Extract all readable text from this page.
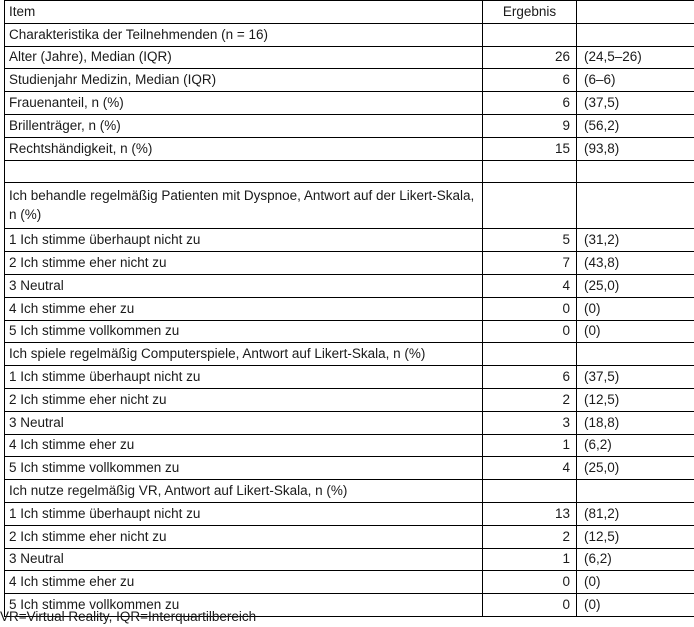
Item	Ergebnis	
Charakteristika der Teilnehmenden (n = 16)		
Alter (Jahre), Median (IQR)	26	(24,5–26)
Studienjahr Medizin, Median (IQR)	6	(6–6)
Frauenanteil, n (%)	6	(37,5)
Brillenträger, n (%)	9	(56,2)
Rechtshändigkeit, n (%)	15	(93,8)

Ich behandle regelmäßig Patienten mit Dyspnoe, Antwort auf der Likert-Skala, n (%)		
1 Ich stimme überhaupt nicht zu	5	(31,2)
2 Ich stimme eher nicht zu	7	(43,8)
3 Neutral	4	(25,0)
4 Ich stimme eher zu	0	(0)
5 Ich stimme vollkommen zu	0	(0)
Ich spiele regelmäßig Computerspiele, Antwort auf Likert-Skala, n (%)		
1 Ich stimme überhaupt nicht zu	6	(37,5)
2 Ich stimme eher nicht zu	2	(12,5)
3 Neutral	3	(18,8)
4 Ich stimme eher zu	1	(6,2)
5 Ich stimme vollkommen zu	4	(25,0)
Ich nutze regelmäßig VR, Antwort auf Likert-Skala, n (%)		
1 Ich stimme überhaupt nicht zu	13	(81,2)
2 Ich stimme eher nicht zu	2	(12,5)
3 Neutral	1	(6,2)
4 Ich stimme eher zu	0	(0)
5 Ich stimme vollkommen zu	0	(0)
VR=Virtual Reality, IQR=Interquartilbereich
